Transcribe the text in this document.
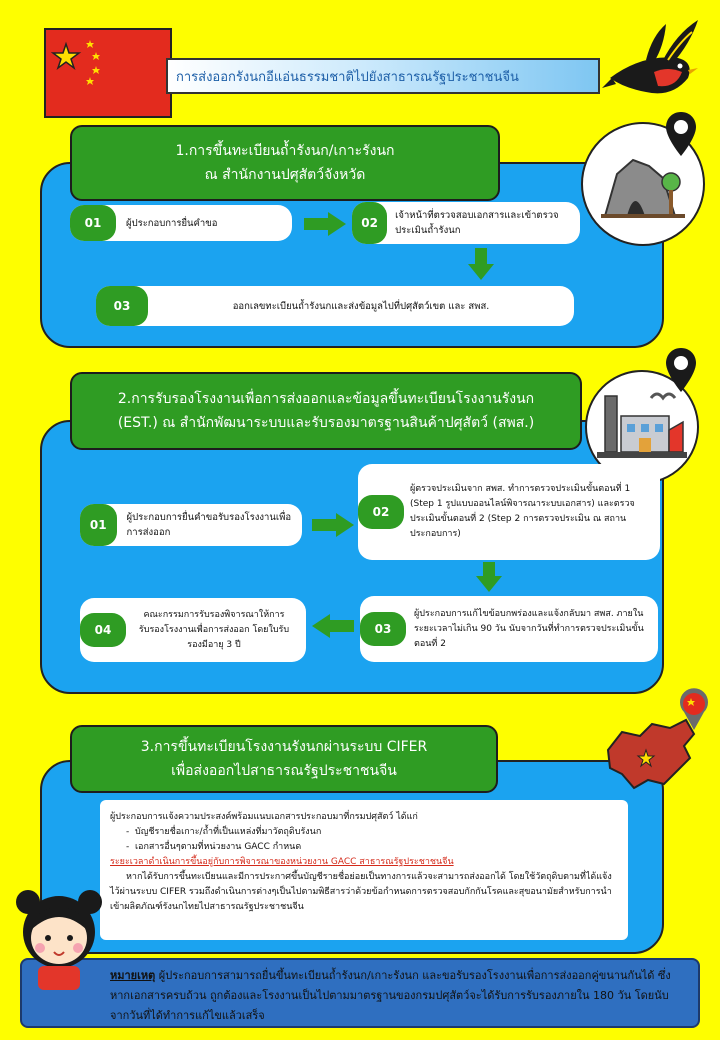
การส่งออกรังนกอีแอ่นธรรมชาติไปยังสาธารณรัฐประชาชนจีน
1.การขึ้นทะเบียนถ้ำรังนก/เกาะรังนก
ณ สำนักงานปศุสัตว์จังหวัด
01	ผู้ประกอบการยื่นคำขอ	02	เจ้าหน้าที่ตรวจสอบเอกสารและเข้าตรวจประเมินถ้ำรังนก
03	ออกเลขทะเบียนถ้ำรังนกและส่งข้อมูลไปที่ปศุสัตว์เขต และ สพส.
2.การรับรองโรงงานเพื่อการส่งออกและข้อมูลขึ้นทะเบียนโรงงานรังนก
(EST.) ณ สำนักพัฒนาระบบและรับรองมาตรฐานสินค้าปศุสัตว์ (สพส.)
01	ผู้ประกอบการยื่นคำขอรับรองโรงงานเพื่อการส่งออก
02
ผู้ตรวจประเมินจาก สพส. ทำการตรวจประเมินขั้นตอนที่ 1 (Step 1 รูปแบบออนไลน์พิจารณาระบบเอกสาร) และตรวจประเมินขั้นตอนที่ 2 (Step 2 การตรวจประเมิน ณ สถานประกอบการ)
03
ผู้ประกอบการแก้ไขข้อบกพร่องและแจ้งกลับมา สพส. ภายในระยะเวลาไม่เกิน 90 วัน นับจากวันที่ทำการตรวจประเมินขั้นตอนที่ 2
04
คณะกรรมการรับรองพิจารณาให้การรับรองโรงงานเพื่อการส่งออก โดยใบรับรองมีอายุ 3 ปี
3.การขึ้นทะเบียนโรงงานรังนกผ่านระบบ CIFER
เพื่อส่งออกไปสาธารณรัฐประชาชนจีน
ผู้ประกอบการแจ้งความประสงค์พร้อมแนบเอกสารประกอบมาที่กรมปศุสัตว์ ได้แก่
-  บัญชีรายชื่อเกาะ/ถ้ำที่เป็นแหล่งที่มาวัตถุดิบรังนก
-  เอกสารอื่นๆตามที่หน่วยงาน GACC กำหนด
ระยะเวลาดำเนินการขึ้นอยู่กับการพิจารณาของหน่วยงาน GACC สาธารณรัฐประชาชนจีน
หากได้รับการขึ้นทะเบียนและมีการประกาศขึ้นบัญชีรายชื่อย่อยเป็นทางการแล้วจะสามารถส่งออกได้ โดยใช้วัตถุดิบตามที่ได้แจ้งไว้ผ่านระบบ CIFER รวมถึงดำเนินการต่างๆเป็นไปตามพิธีสารว่าด้วยข้อกำหนดการตรวจสอบกักกันโรคและสุขอนามัยสำหรับการนำเข้าผลิตภัณฑ์รังนกไทยไปสาธารณรัฐประชาชนจีน
หมายเหตุ ผู้ประกอบการสามารถยื่นขึ้นทะเบียนถ้ำรังนก/เกาะรังนก และขอรับรองโรงงานเพื่อการส่งออกคู่ขนานกันได้ ซึ่งหากเอกสารครบถ้วน ถูกต้องและโรงงานเป็นไปตามมาตรฐานของกรมปศุสัตว์จะได้รับการรับรองภายใน 180 วัน โดยนับจากวันที่ได้ทำการแก้ไขแล้วเสร็จ
